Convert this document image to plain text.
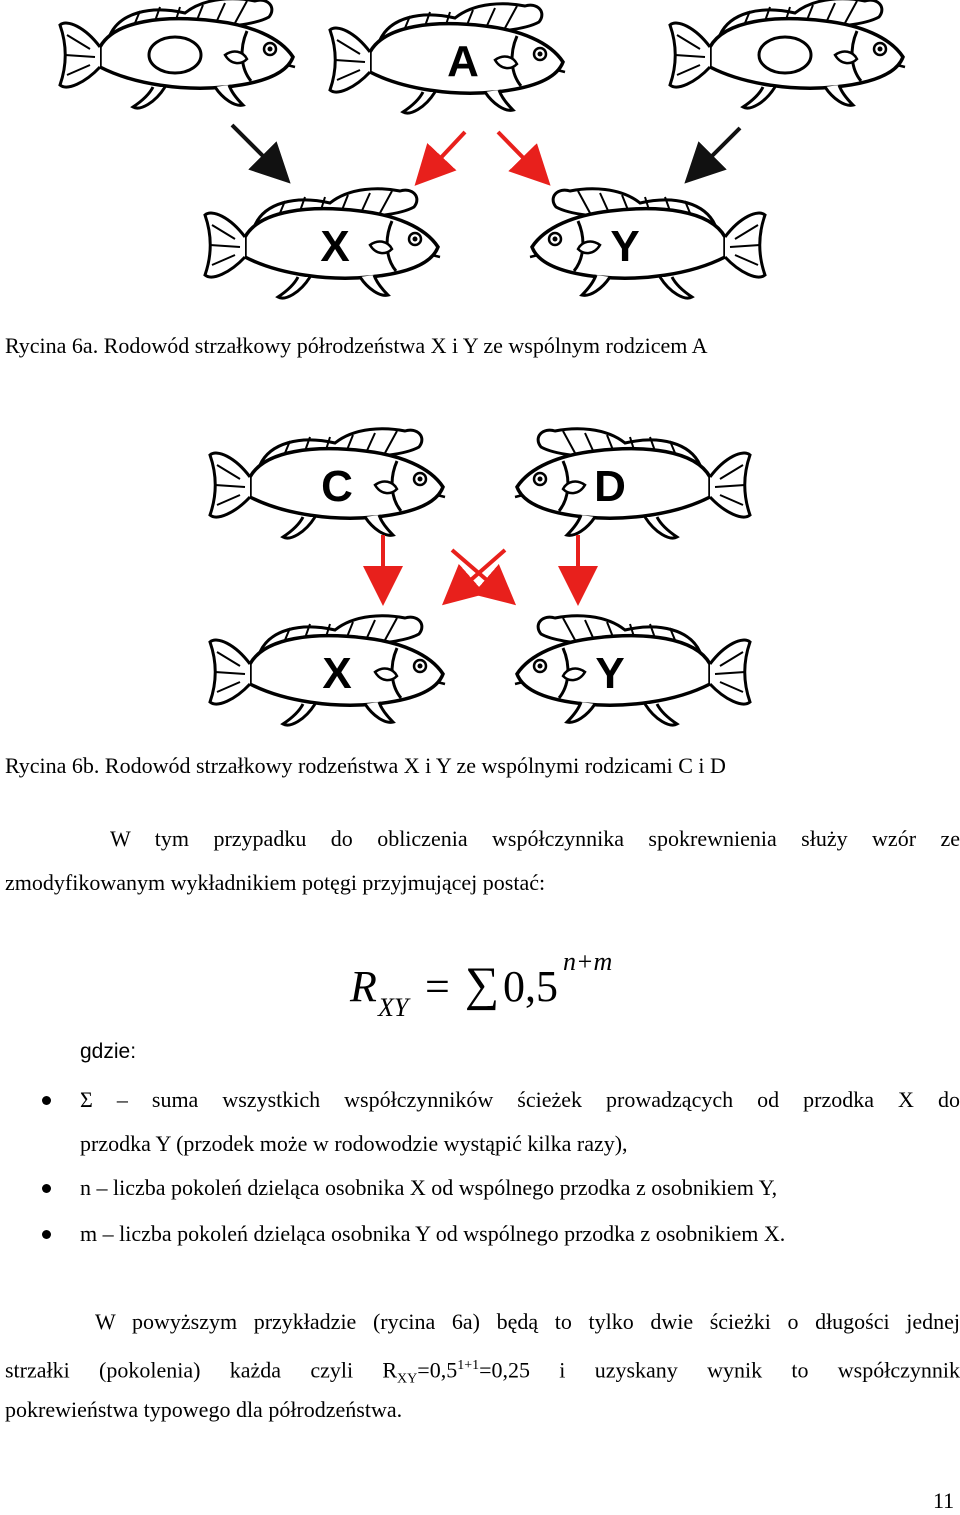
A
X	Y
Rycina 6a. Rodowód strzałkowy półrodzeństwa X i Y ze wspólnym rodzicem A
C	D
X	Y
Rycina 6b. Rodowód strzałkowy rodzeństwa X i Y ze wspólnymi rodzicami C i D
W tym przypadku do obliczenia współczynnika spokrewnienia służy wzór ze
zmodyfikowanym wykładnikiem potęgi przyjmującej postać:
R XY = ∑ 0,5
n+m
gdzie:
Σ – suma wszystkich współczynników ścieżek prowadzących od przodka X do
przodka Y (przodek może w rodowodzie wystąpić kilka razy),
n – liczba pokoleń dzieląca osobnika X od wspólnego przodka z osobnikiem Y,
m – liczba pokoleń dzieląca osobnika Y od wspólnego przodka z osobnikiem X.
W powyższym przykładzie (rycina 6a) będą to tylko dwie ścieżki o długości jednej
strzałki (pokolenia) każda czyli $R_{XY}=0,5^{1+1}=0,25$ i uzyskany wynik to współczynnik
pokrewieństwa typowego dla półrodzeństwa.
11
